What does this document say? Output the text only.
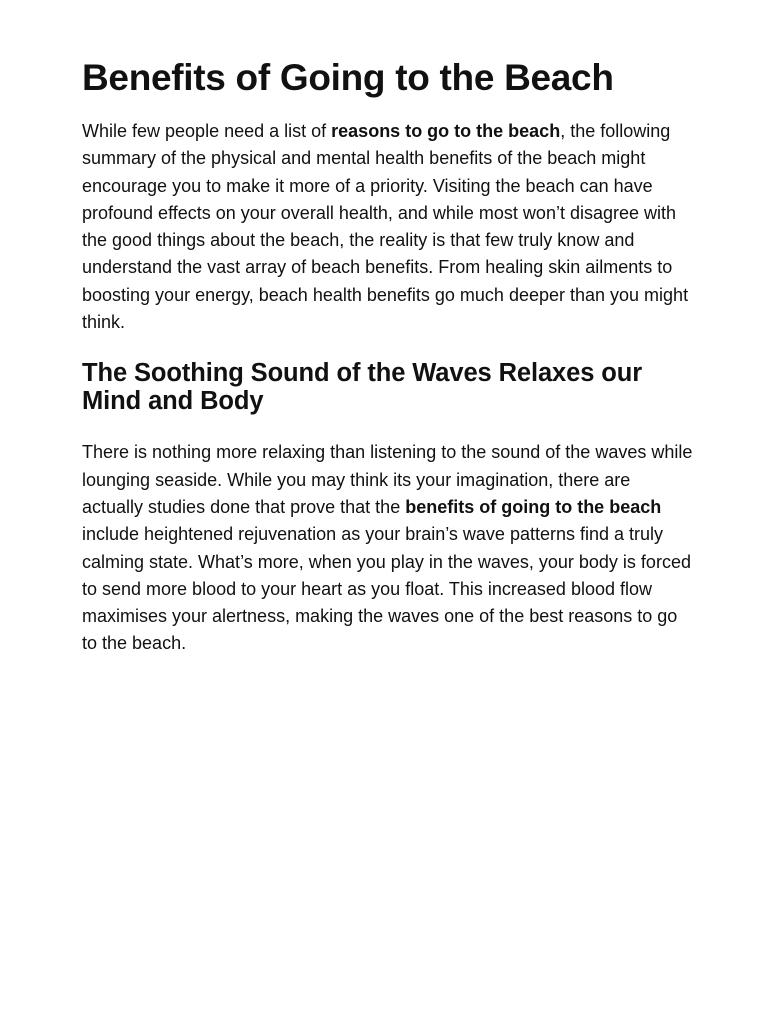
Benefits of Going to the Beach

While few people need a list of reasons to go to the beach, the following summary of the physical and mental health benefits of the beach might encourage you to make it more of a priority. Visiting the beach can have profound effects on your overall health, and while most won’t disagree with the good things about the beach, the reality is that few truly know and understand the vast array of beach benefits. From healing skin ailments to boosting your energy, beach health benefits go much deeper than you might think.

The Soothing Sound of the Waves Relaxes our Mind and Body

There is nothing more relaxing than listening to the sound of the waves while lounging seaside. While you may think its your imagination, there are actually studies done that prove that the benefits of going to the beach include heightened rejuvenation as your brain’s wave patterns find a truly calming state. What’s more, when you play in the waves, your body is forced to send more blood to your heart as you float. This increased blood flow maximises your alertness, making the waves one of the best reasons to go to the beach.
